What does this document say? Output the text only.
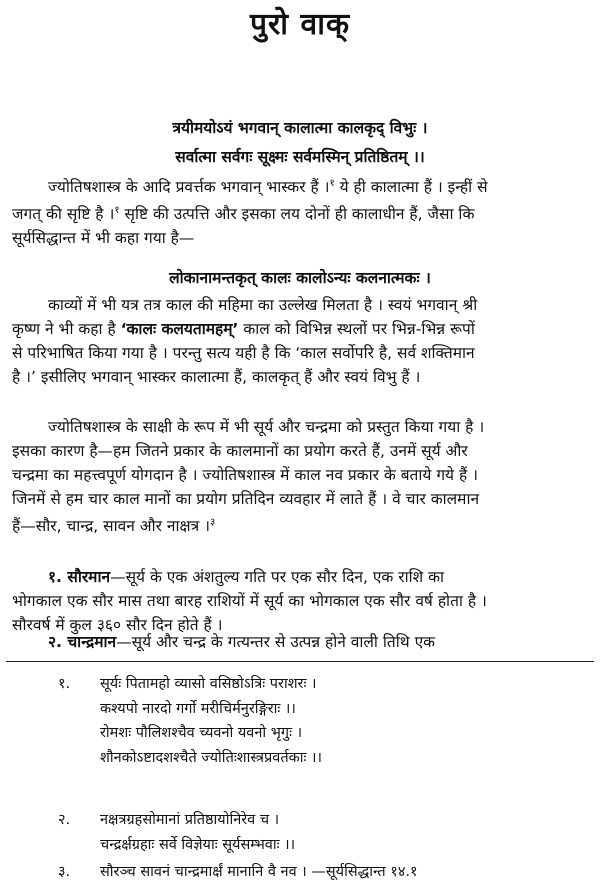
पुरो वाक्
त्रयीमयोऽयं भगवान् कालात्मा कालकृद् विभुः ।
सर्वात्मा सर्वगः सूक्ष्मः सर्वमस्मिन् प्रतिष्ठितम् ।।
ज्योतिषशास्त्र के आदि प्रवर्त्तक भगवान् भास्कर हैं ।$^१$ ये ही कालात्मा हैं । इन्हीं से
जगत् की सृष्टि है ।$^१$ सृष्टि की उत्पत्ति और इसका लय दोनों ही कालाधीन हैं, जैसा कि
सूर्यसिद्धान्त में भी कहा गया है—
लोकानामन्तकृत् कालः कालोऽन्यः कलनात्मकः ।
काव्यों में भी यत्र तत्र काल की महिमा का उल्लेख मिलता है । स्वयं भगवान् श्री
कृष्ण ने भी कहा है ‘कालः कलयतामहम्’ काल को विभिन्न स्थलों पर भिन्न-भिन्न रूपों
से परिभाषित किया गया है । परन्तु सत्य यही है कि ‘काल सर्वोपरि है, सर्व शक्तिमान
है ।’ इसीलिए भगवान् भास्कर कालात्मा हैं, कालकृत् हैं और स्वयं विभु हैं ।
ज्योतिषशास्त्र के साक्षी के रूप में भी सूर्य और चन्द्रमा को प्रस्तुत किया गया है ।
इसका कारण है—हम जितने प्रकार के कालमानों का प्रयोग करते हैं, उनमें सूर्य और
चन्द्रमा का महत्त्वपूर्ण योगदान है । ज्योतिषशास्त्र में काल नव प्रकार के बताये गये हैं ।
जिनमें से हम चार काल मानों का प्रयोग प्रतिदिन व्यवहार में लाते हैं । वे चार कालमान
हैं—सौर, चान्द्र, सावन और नाक्षत्र ।$^३$
१. सौरमान—सूर्य के एक अंशतुल्य गति पर एक सौर दिन, एक राशि का
भोगकाल एक सौर मास तथा बारह राशियों में सूर्य का भोगकाल एक सौर वर्ष होता है ।
सौरवर्ष में कुल ३६० सौर दिन होते हैं ।
२. चान्द्रमान—सूर्य और चन्द्र के गत्यन्तर से उत्पन्न होने वाली तिथि एक
१. सूर्यः पितामहो व्यासो वसिष्ठोऽत्रिः पराशरः ।
कश्यपो नारदो गर्गो मरीचिर्मनुरङ्गिराः ।।
रोमशः पौलिशश्चैव च्यवनो यवनो भृगुः ।
शौनकोऽष्टादशश्चैते ज्योतिःशास्त्रप्रवर्तकाः ।।
२. नक्षत्रग्रहसोमानां प्रतिष्ठायोनिरेव च ।
चन्द्रर्क्षग्रहाः सर्वे विज्ञेयाः सूर्यसम्भवाः ।।
३. सौरञ्च सावनं चान्द्रमार्क्षं मानानि वै नव । —सूर्यसिद्धान्त १४.१
